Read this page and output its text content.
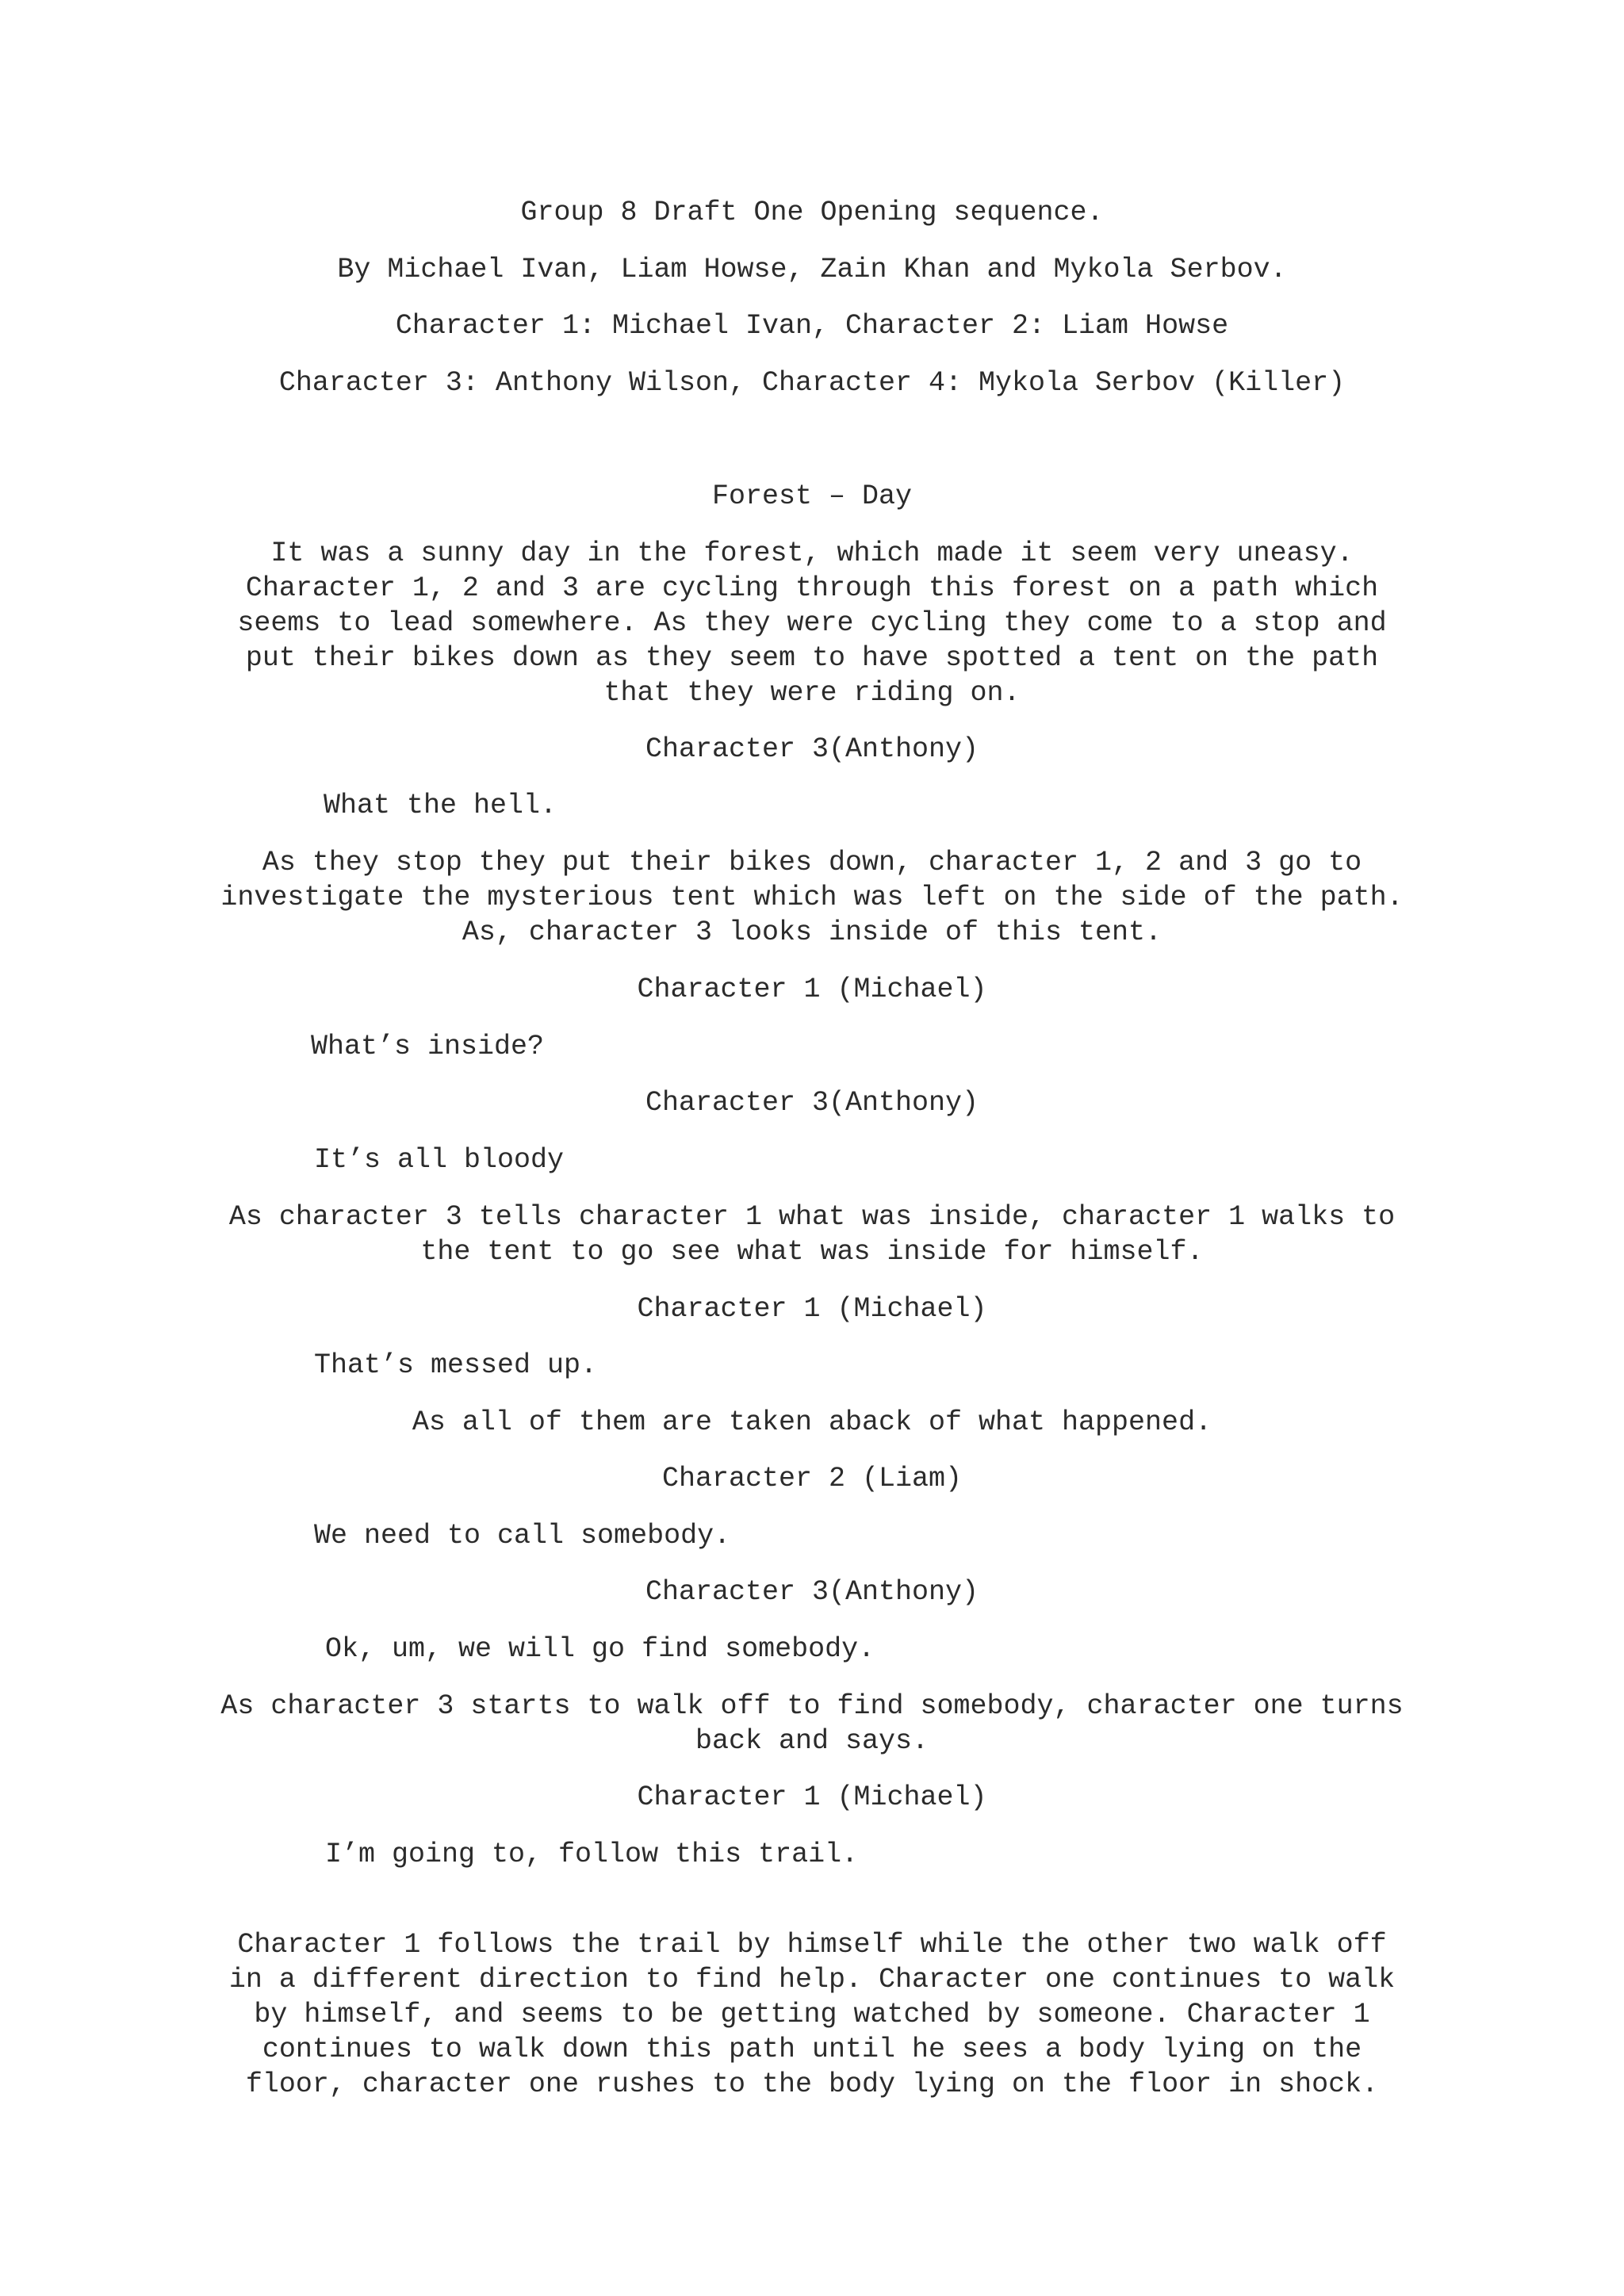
Group 8 Draft One Opening sequence.
By Michael Ivan, Liam Howse, Zain Khan and Mykola Serbov.
Character 1: Michael Ivan, Character 2: Liam Howse
Character 3: Anthony Wilson, Character 4: Mykola Serbov (Killer)
Forest – Day
It was a sunny day in the forest, which made it seem very uneasy.
Character 1, 2 and 3 are cycling through this forest on a path which
seems to lead somewhere. As they were cycling they come to a stop and
put their bikes down as they seem to have spotted a tent on the path
that they were riding on.
Character 3(Anthony)
What the hell.
As they stop they put their bikes down, character 1, 2 and 3 go to
investigate the mysterious tent which was left on the side of the path.
As, character 3 looks inside of this tent.
Character 1 (Michael)
What’s inside?
Character 3(Anthony)
It’s all bloody
As character 3 tells character 1 what was inside, character 1 walks to
the tent to go see what was inside for himself.
Character 1 (Michael)
That’s messed up.
As all of them are taken aback of what happened.
Character 2 (Liam)
We need to call somebody.
Character 3(Anthony)
Ok, um, we will go find somebody.
As character 3 starts to walk off to find somebody, character one turns
back and says.
Character 1 (Michael)
I’m going to, follow this trail.
Character 1 follows the trail by himself while the other two walk off
in a different direction to find help. Character one continues to walk
by himself, and seems to be getting watched by someone. Character 1
continues to walk down this path until he sees a body lying on the
floor, character one rushes to the body lying on the floor in shock.
